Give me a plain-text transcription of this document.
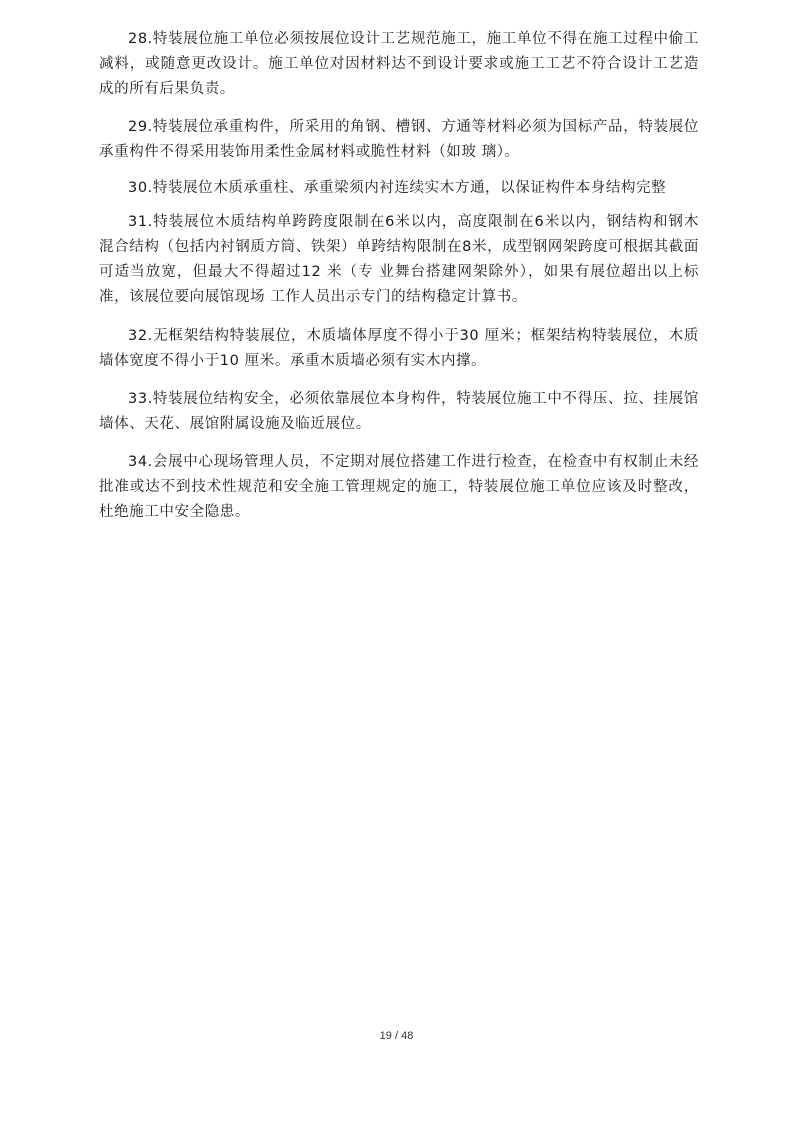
28.特装展位施工单位必须按展位设计工艺规范施工，施工单位不得在施工过程中偷工减料，或随意更改设计。施工单位对因材料达不到设计要求或施工工艺不符合设计工艺造成的所有后果负责。

29.特装展位承重构件，所采用的角钢、槽钢、方通等材料必须为国标产品，特装展位承重构件不得采用装饰用柔性金属材料或脆性材料（如玻 璃）。

30.特装展位木质承重柱、承重梁须内衬连续实木方通，以保证构件本身结构完整

31.特装展位木质结构单跨跨度限制在6米以内，高度限制在6米以内，钢结构和钢木混合结构（包括内衬钢质方筒、铁架）单跨结构限制在8米，成型钢网架跨度可根据其截面可适当放宽，但最大不得超过12 米（专 业舞台搭建网架除外），如果有展位超出以上标准，该展位要向展馆现场 工作人员出示专门的结构稳定计算书。

32.无框架结构特装展位，木质墙体厚度不得小于30 厘米；框架结构特装展位，木质墙体宽度不得小于10 厘米。承重木质墙必须有实木内撑。

33.特装展位结构安全，必须依靠展位本身构件，特装展位施工中不得压、拉、挂展馆墙体、天花、展馆附属设施及临近展位。

34.会展中心现场管理人员，不定期对展位搭建工作进行检查，在检查中有权制止未经批准或达不到技术性规范和安全施工管理规定的施工，特装展位施工单位应该及时整改，杜绝施工中安全隐患。

19 / 48
